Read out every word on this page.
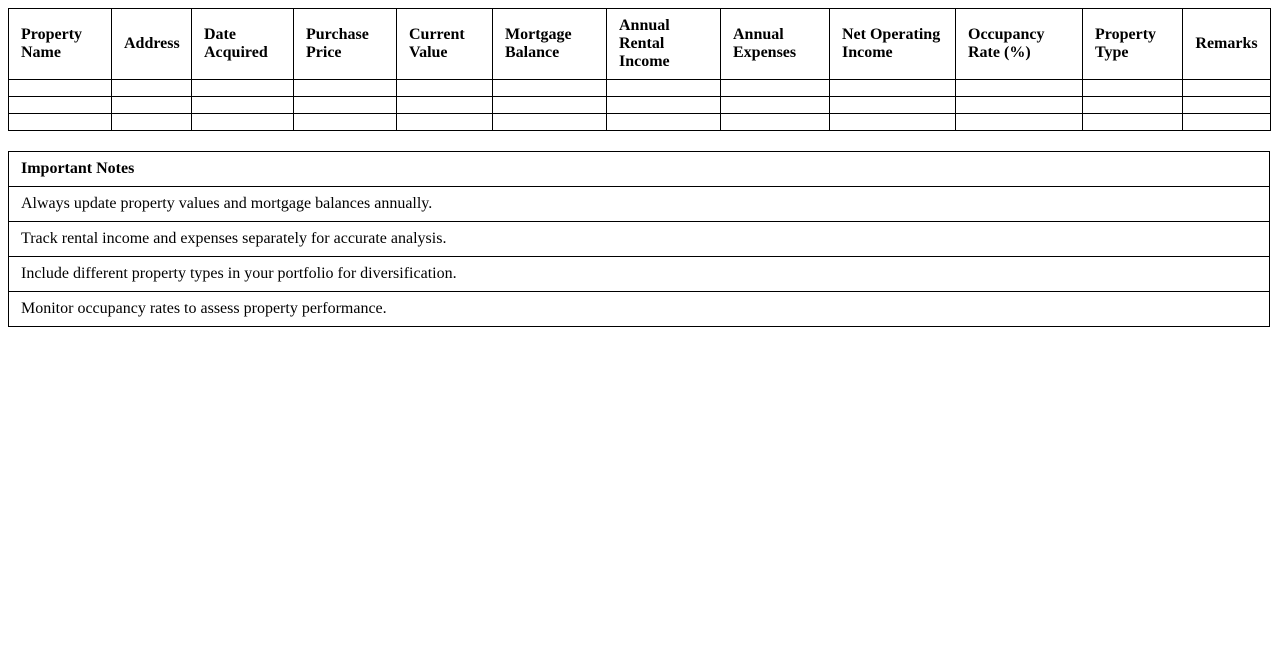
Property Name	Address	Date Acquired	Purchase Price	Current Value	Mortgage Balance	Annual Rental Income	Annual Expenses	Net Operating Income	Occupancy Rate (%)	Property Type	Remarks

Important Notes
Always update property values and mortgage balances annually.
Track rental income and expenses separately for accurate analysis.
Include different property types in your portfolio for diversification.
Monitor occupancy rates to assess property performance.
